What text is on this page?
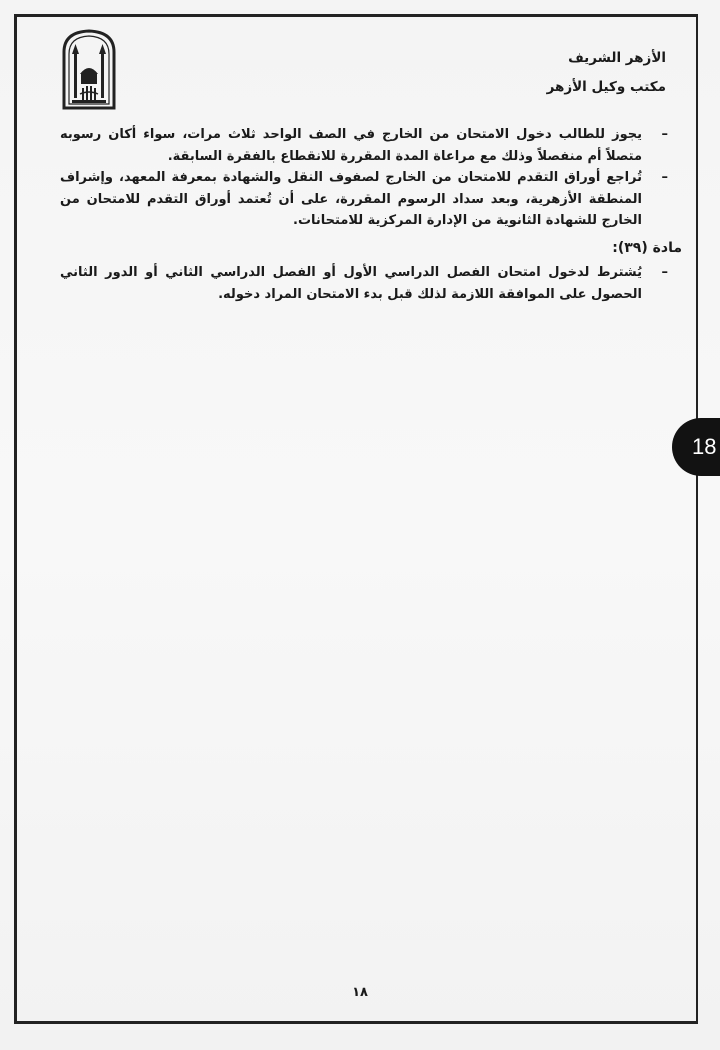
الأزهر الشريف
مكتب وكيل الأزهر

–
يجوز للطالب دخول الامتحان من الخارج في الصف الواحد ثلاث مرات، سواء أكان رسوبه متصلاً أم منفصلاً وذلك مع مراعاة المدة المقررة للانقطاع بالفقرة السابقة.

–
تُراجع أوراق التقدم للامتحان من الخارج لصفوف النقل والشهادة بمعرفة المعهد، وإشراف المنطقة الأزهرية، وبعد سداد الرسوم المقررة، على أن تُعتمد أوراق التقدم للامتحان من الخارج للشهادة الثانوية من الإدارة المركزية للامتحانات.

مادة (٣٩):

–
يُشترط لدخول امتحان الفصل الدراسي الأول أو الفصل الدراسي الثاني أو الدور الثاني الحصول على الموافقة اللازمة لذلك قبل بدء الامتحان المراد دخوله.

١٨
18
